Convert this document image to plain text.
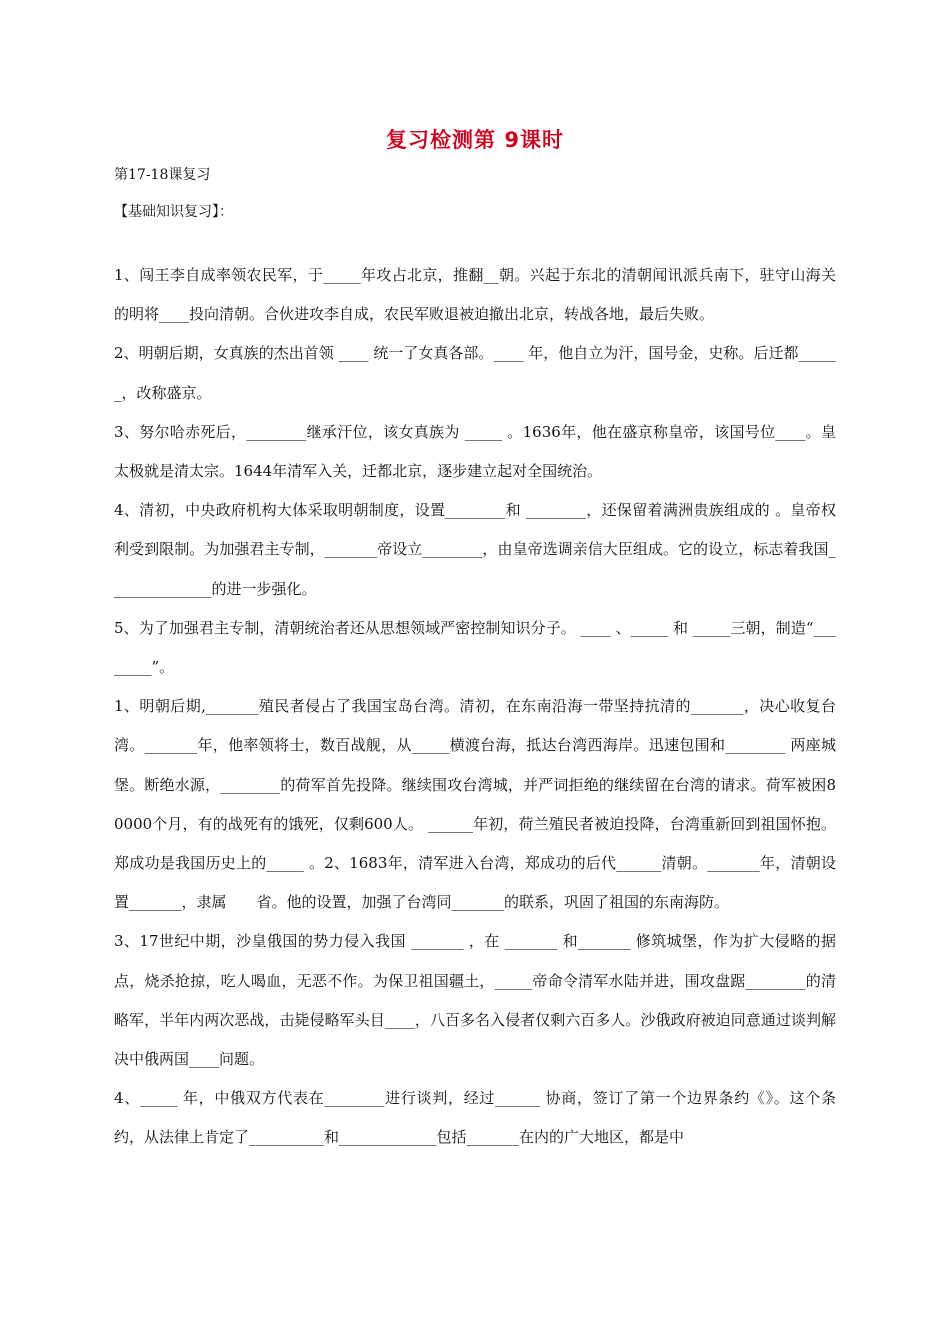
复习检测第 9课时
第17-18课复习
【基础知识复习】：

1、闯王李自成率领农民军，于_____年攻占北京，推翻__朝。兴起于东北的清朝闻讯派兵南下，驻守山海关的明将____投向清朝。合伙进攻李自成，农民军败退被迫撤出北京，转战各地，最后失败。

2、明朝后期，女真族的杰出首领 ____ 统一了女真各部。____ 年，他自立为汗，国号金，史称。后迁都______，改称盛京。

3、努尔哈赤死后，________继承汗位，该女真族为 _____ 。1636年，他在盛京称皇帝，该国号位____。皇太极就是清太宗。1644年清军入关，迁都北京，逐步建立起对全国统治。

4、清初，中央政府机构大体采取明朝制度，设置________和 ________，还保留着满洲贵族组成的 。皇帝权利受到限制。为加强君主专制，_______帝设立________，由皇帝选调亲信大臣组成。它的设立，标志着我国______________的进一步强化。

5、为了加强君主专制，清朝统治者还从思想领域严密控制知识分子。 ____ 、_____ 和 _____三朝，制造“________”。

1、明朝后期,_______殖民者侵占了我国宝岛台湾。清初，在东南沿海一带坚持抗清的_______，决心收复台湾。_______年，他率领将士，数百战舰，从_____横渡台海，抵达台湾西海岸。迅速包围和________ 两座城堡。断绝水源，________的荷军首先投降。继续围攻台湾城，并严词拒绝的继续留在台湾的请求。荷军被困80000个月，有的战死有的饿死，仅剩600人。 ______年初，荷兰殖民者被迫投降，台湾重新回到祖国怀抱。郑成功是我国历史上的_____ 。2、1683年，清军进入台湾，郑成功的后代______清朝。_______年，清朝设置_______，隶属　　省。他的设置，加强了台湾同_______的联系，巩固了祖国的东南海防。

3、17世纪中期，沙皇俄国的势力侵入我国 _______ ，在 _______ 和_______ 修筑城堡，作为扩大侵略的据点，烧杀抢掠，吃人喝血，无恶不作。为保卫祖国疆土，_____帝命令清军水陆并进，围攻盘踞________的清略军，半年内两次恶战，击毙侵略军头目____，八百多名入侵者仅剩六百多人。沙俄政府被迫同意通过谈判解决中俄两国____问题。

4、_____ 年，中俄双方代表在________进行谈判，经过______ 协商，签订了第一个边界条约《》。这个条约，从法律上肯定了__________和_____________包括_______在内的广大地区，都是中
